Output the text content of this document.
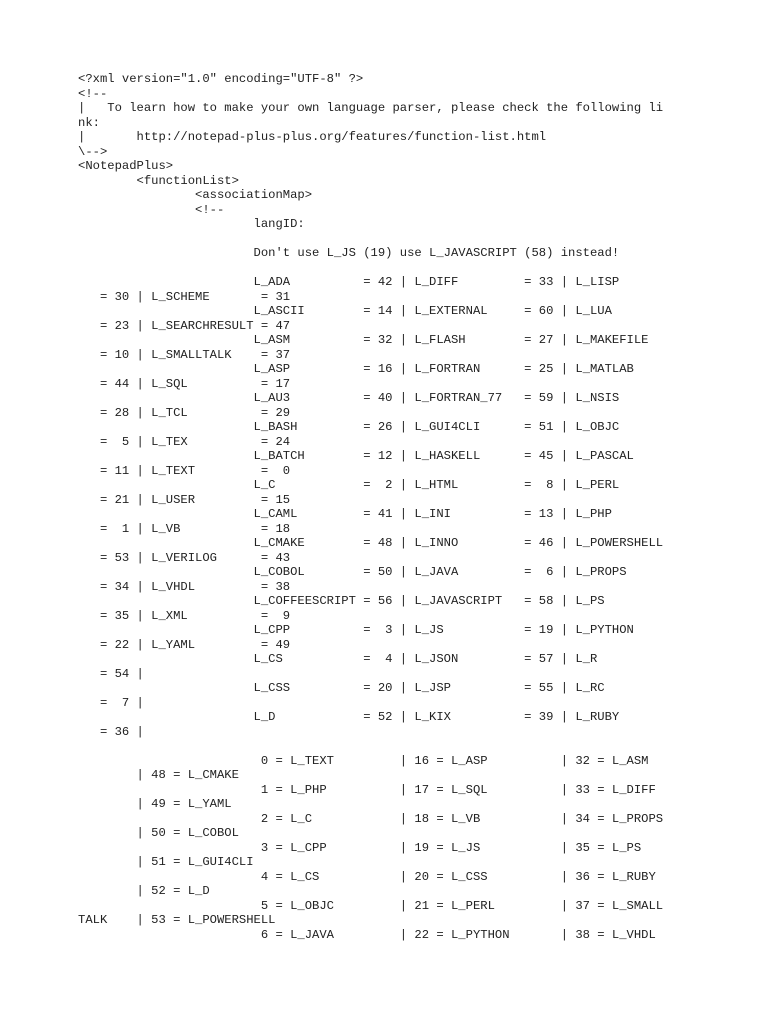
<?xml version="1.0" encoding="UTF-8" ?>
<!--
|   To learn how to make your own language parser, please check the following li
nk:
|       http://notepad-plus-plus.org/features/function-list.html
\-->
<NotepadPlus>
<functionList>
<associationMap>
<!--
langID:
Don't use L_JS (19) use L_JAVASCRIPT (58) instead!
L_ADA          = 42 | L_DIFF         = 33 | L_LISP
= 30 | L_SCHEME       = 31
L_ASCII        = 14 | L_EXTERNAL     = 60 | L_LUA
= 23 | L_SEARCHRESULT = 47
L_ASM          = 32 | L_FLASH        = 27 | L_MAKEFILE
= 10 | L_SMALLTALK    = 37
L_ASP          = 16 | L_FORTRAN      = 25 | L_MATLAB
= 44 | L_SQL          = 17
L_AU3          = 40 | L_FORTRAN_77   = 59 | L_NSIS
= 28 | L_TCL          = 29
L_BASH         = 26 | L_GUI4CLI      = 51 | L_OBJC
=  5 | L_TEX          = 24
L_BATCH        = 12 | L_HASKELL      = 45 | L_PASCAL
= 11 | L_TEXT         =  0
L_C            =  2 | L_HTML         =  8 | L_PERL
= 21 | L_USER         = 15
L_CAML         = 41 | L_INI          = 13 | L_PHP
=  1 | L_VB           = 18
L_CMAKE        = 48 | L_INNO         = 46 | L_POWERSHELL
= 53 | L_VERILOG      = 43
L_COBOL        = 50 | L_JAVA         =  6 | L_PROPS
= 34 | L_VHDL         = 38
L_COFFEESCRIPT = 56 | L_JAVASCRIPT   = 58 | L_PS
= 35 | L_XML          =  9
L_CPP          =  3 | L_JS           = 19 | L_PYTHON
= 22 | L_YAML         = 49
L_CS           =  4 | L_JSON         = 57 | L_R
= 54 |
L_CSS          = 20 | L_JSP          = 55 | L_RC
=  7 |
L_D            = 52 | L_KIX          = 39 | L_RUBY
= 36 |
0 = L_TEXT         | 16 = L_ASP          | 32 = L_ASM
| 48 = L_CMAKE
1 = L_PHP          | 17 = L_SQL          | 33 = L_DIFF
| 49 = L_YAML
2 = L_C            | 18 = L_VB           | 34 = L_PROPS
| 50 = L_COBOL
3 = L_CPP          | 19 = L_JS           | 35 = L_PS
| 51 = L_GUI4CLI
4 = L_CS           | 20 = L_CSS          | 36 = L_RUBY
| 52 = L_D
5 = L_OBJC         | 21 = L_PERL         | 37 = L_SMALL
TALK    | 53 = L_POWERSHELL
6 = L_JAVA         | 22 = L_PYTHON       | 38 = L_VHDL
